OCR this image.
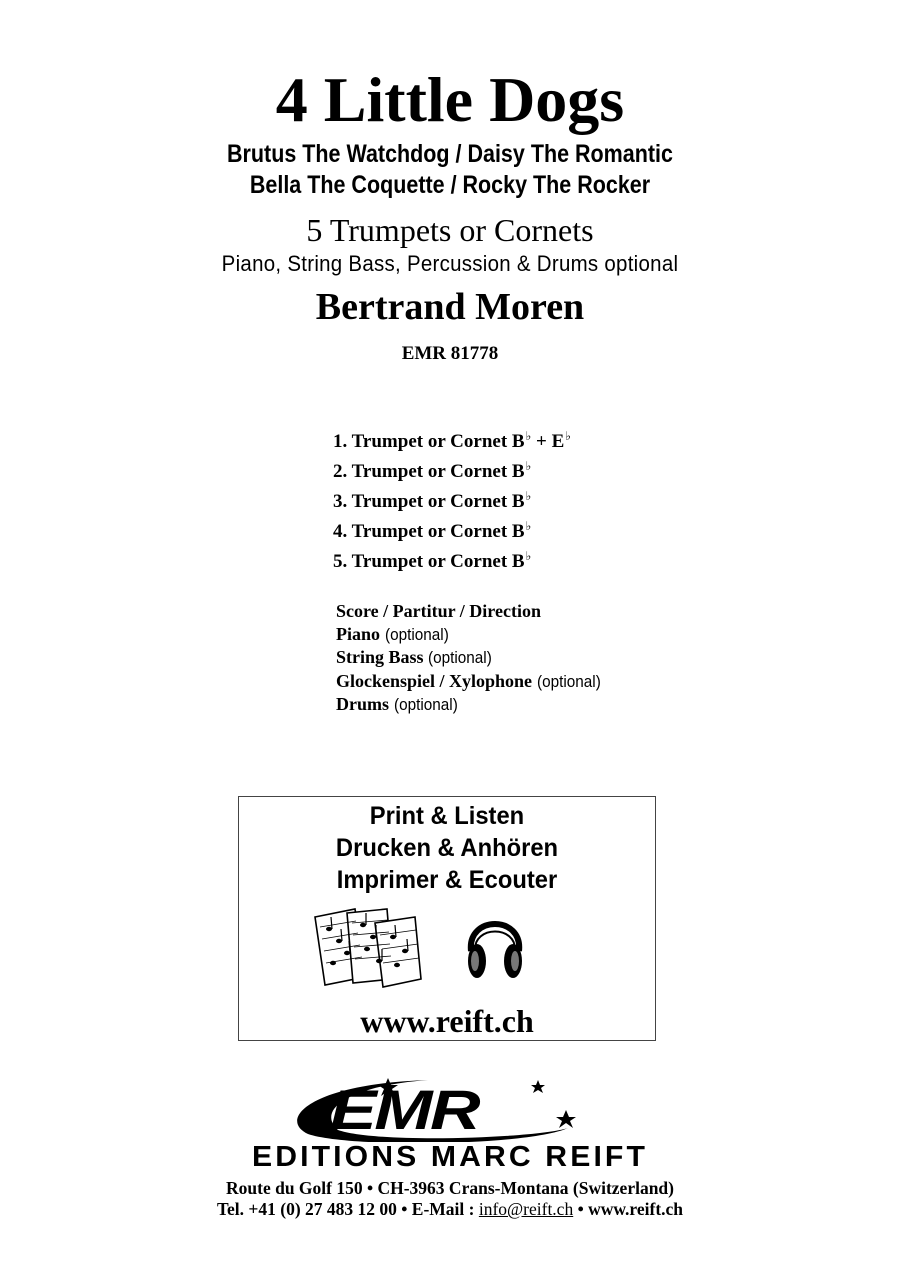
4 Little Dogs
Brutus The Watchdog / Daisy The Romantic
Bella The Coquette / Rocky The Rocker
5 Trumpets or Cornets
Piano, String Bass, Percussion & Drums optional
Bertrand Moren
EMR 81778
1. Trumpet or Cornet B♭ + E♭
2. Trumpet or Cornet B♭
3. Trumpet or Cornet B♭
4. Trumpet or Cornet B♭
5. Trumpet or Cornet B♭
Score / Partitur / Direction
Piano (optional)
String Bass (optional)
Glockenspiel / Xylophone (optional)
Drums (optional)
Print & Listen
Drucken & Anhören
Imprimer & Ecouter
www.reift.ch
EMR
EDITIONS MARC REIFT
Route du Golf 150 • CH-3963 Crans-Montana (Switzerland)
Tel. +41 (0) 27 483 12 00 • E-Mail : info@reift.ch • www.reift.ch
